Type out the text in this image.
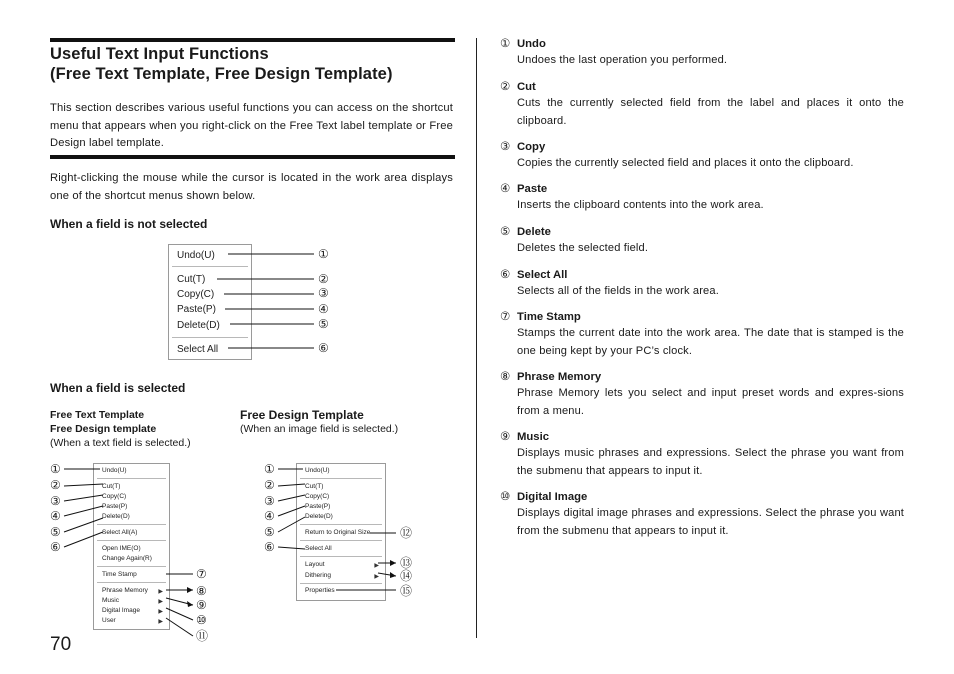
Useful Text Input Functions
(Free Text Template, Free Design Template)
This section describes various useful functions you can access on the shortcut menu that appears when you right-click on the Free Text label template or Free Design label template.
Right-clicking the mouse while the cursor is located in the work area displays one of the shortcut menus shown below.
When a field is not selected
Undo(U)
Cut(T)
Copy(C)
Paste(P)
Delete(D)
Select All
①
②
③
④
⑤
⑥
When a field is selected
Free Text Template
Free Design template
(When a text field is selected.)
Free Design Template
(When an image field is selected.)
Undo(U)
Cut(T)
Copy(C)
Paste(P)
Delete(D)
Select All(A)
Open IME(O)
Change Again(R)
Time Stamp
Phrase Memory ▶
Music	▶
Digital Image	▶
User	▶
①
②
③
④
⑤
⑥
⑦
⑧
⑨
⑩
⑪
Undo(U)
Cut(T)
Copy(C)
Paste(P)
Delete(D)
Return to Original Size
Select All
Layout	▶
Dithering	▶
Properties
①
②
③
④
⑤
⑥
⑫
⑬
⑭
⑮
70
① Undo
Undoes the last operation you performed.
② Cut
Cuts the currently selected field from the label and places it onto the clipboard.
③ Copy
Copies the currently selected field and places it onto the clipboard.
④ Paste
Inserts the clipboard contents into the work area.
⑤ Delete
Deletes the selected field.
⑥ Select All
Selects all of the fields in the work area.
⑦ Time Stamp
Stamps the current date into the work area. The date that is stamped is the one being kept by your PC’s clock.
⑧ Phrase Memory
Phrase Memory lets you select and input preset words and expres-sions from a menu.
⑨ Music
Displays music phrases and expressions. Select the phrase you want from the submenu that appears to input it.
⑩ Digital Image
Displays digital image phrases and expressions. Select the phrase you want from the submenu that appears to input it.
